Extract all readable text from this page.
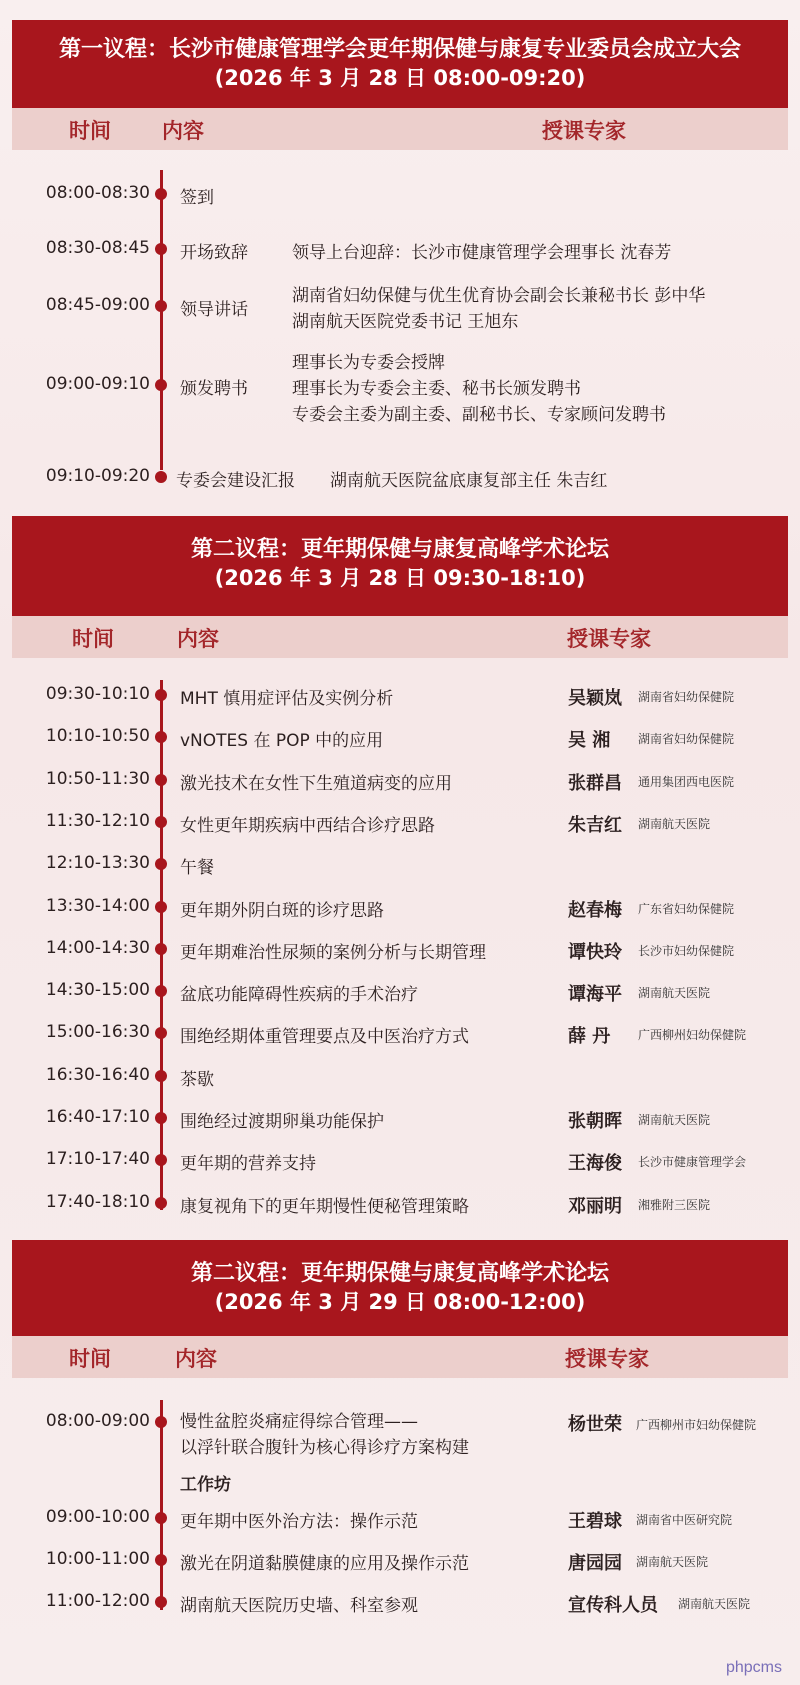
第一议程：长沙市健康管理学会更年期保健与康复专业委员会成立大会
(2026 年 3 月 28 日 08:00-09:20)
时间 内容	授课专家
08:00-08:30 签到
08:30-08:45 开场致辞	领导上台迎辞：长沙市健康管理学会理事长 沈春芳
08:45-09:00 领导讲话
湖南省妇幼保健与优生优育协会副会长兼秘书长 彭中华
湖南航天医院党委书记 王旭东
09:00-09:10 颁发聘书
理事长为专委会授牌
理事长为专委会主委、秘书长颁发聘书
专委会主委为副主委、副秘书长、专家顾问发聘书
09:10-09:20 专委会建设汇报 湖南航天医院盆底康复部主任 朱吉红
第二议程：更年期保健与康复高峰学术论坛
(2026 年 3 月 28 日 09:30-18:10)
时间	内容	授课专家
09:30-10:10 MHT 慎用症评估及实例分析	吴颖岚 湖南省妇幼保健院
10:10-10:50 vNOTES 在 POP 中的应用	吴 湘 湖南省妇幼保健院
10:50-11:30 激光技术在女性下生殖道病变的应用	张群昌 通用集团西电医院
11:30-12:10 女性更年期疾病中西结合诊疗思路	朱吉红 湖南航天医院
12:10-13:30 午餐
13:30-14:00 更年期外阴白斑的诊疗思路	赵春梅 广东省妇幼保健院
14:00-14:30 更年期难治性尿频的案例分析与长期管理	谭快玲 长沙市妇幼保健院
14:30-15:00 盆底功能障碍性疾病的手术治疗	谭海平 湖南航天医院
15:00-16:30 围绝经期体重管理要点及中医治疗方式	薛 丹 广西柳州妇幼保健院
16:30-16:40 茶歇
16:40-17:10 围绝经过渡期卵巢功能保护	张朝晖 湖南航天医院
17:10-17:40 更年期的营养支持	王海俊 长沙市健康管理学会
17:40-18:10 康复视角下的更年期慢性便秘管理策略	邓丽明 湘雅附三医院
第二议程：更年期保健与康复高峰学术论坛
(2026 年 3 月 29 日 08:00-12:00)
时间	内容	授课专家
08:00-09:00 慢性盆腔炎痛症得综合管理——
以浮针联合腹针为核心得诊疗方案构建
杨世荣 广西柳州市妇幼保健院
工作坊
09:00-10:00 更年期中医外治方法：操作示范	王碧球 湖南省中医研究院
10:00-11:00 激光在阴道黏膜健康的应用及操作示范	唐园园 湖南航天医院
11:00-12:00 湖南航天医院历史墙、科室参观	宣传科人员 湖南航天医院
phpcms
